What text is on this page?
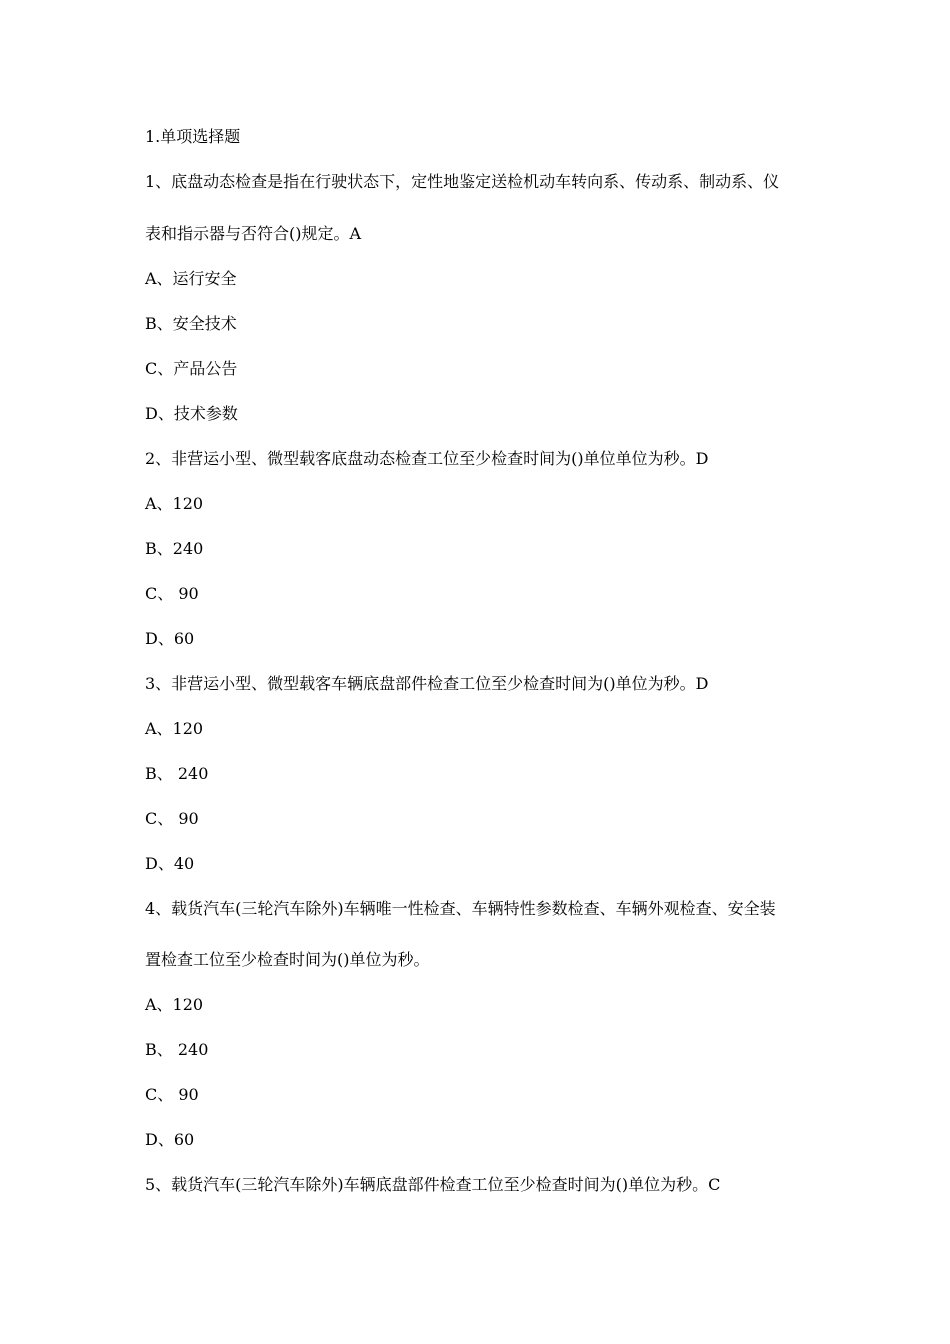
1.单项选择题
1、底盘动态检查是指在行驶状态下，定性地鉴定送检机动车转向系、传动系、制动系、仪
表和指示器与否符合()规定。A
A、运行安全
B、安全技术
C、产品公告
D、技术参数
2、非营运小型、微型载客底盘动态检查工位至少检查时间为()单位单位为秒。D
A、120
B、240
C、 90
D、60
3、非营运小型、微型载客车辆底盘部件检查工位至少检查时间为()单位为秒。D
A、120
B、 240
C、 90
D、40
4、载货汽车(三轮汽车除外)车辆唯一性检查、车辆特性参数检查、车辆外观检查、安全装
置检查工位至少检查时间为()单位为秒。
A、120
B、 240
C、 90
D、60
5、载货汽车(三轮汽车除外)车辆底盘部件检查工位至少检查时间为()单位为秒。C
